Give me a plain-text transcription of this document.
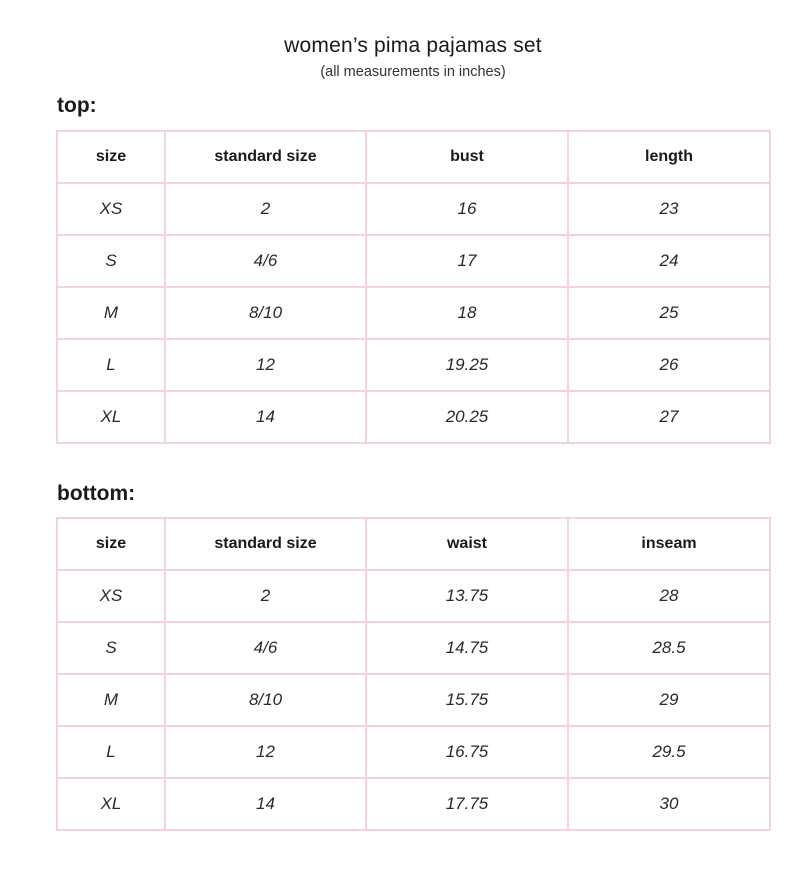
women’s pima pajamas set
(all measurements in inches)
top:
size	standard size	bust	length
XS	2	16	23
S	4/6	17	24
M	8/10	18	25
L	12	19.25	26
XL	14	20.25	27
bottom:
size	standard size	waist	inseam
XS	2	13.75	28
S	4/6	14.75	28.5
M	8/10	15.75	29
L	12	16.75	29.5
XL	14	17.75	30
